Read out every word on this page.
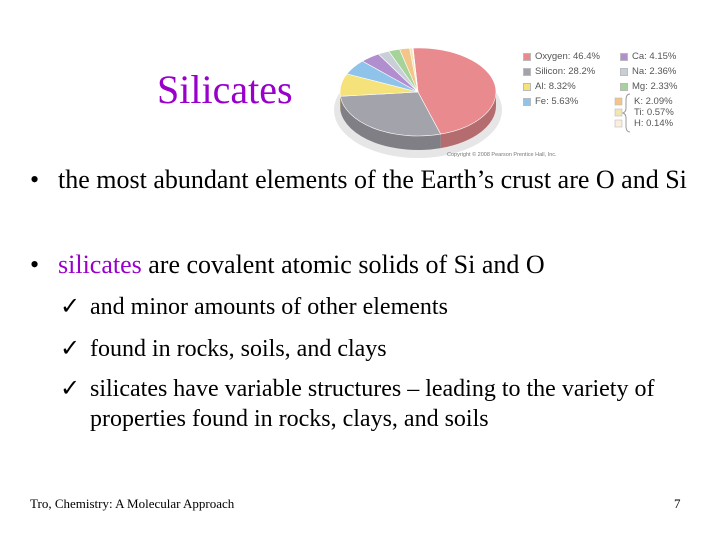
Silicates
Oxygen: 46.4%
Silicon: 28.2%
Al: 8.32%
Fe: 5.63%
Ca: 4.15%
Na: 2.36%
Mg: 2.33%
K: 2.09%
Ti: 0.57%
H: 0.14%
Copyright © 2008 Pearson Prentice Hall, Inc.
• the most abundant elements of the Earth’s crust are O and Si
• silicates are covalent atomic solids of Si and O
✓ and minor amounts of other elements
✓ found in rocks, soils, and clays
✓ silicates have variable structures – leading to the variety of properties found in rocks, clays, and soils
Tro, Chemistry: A Molecular Approach	7
